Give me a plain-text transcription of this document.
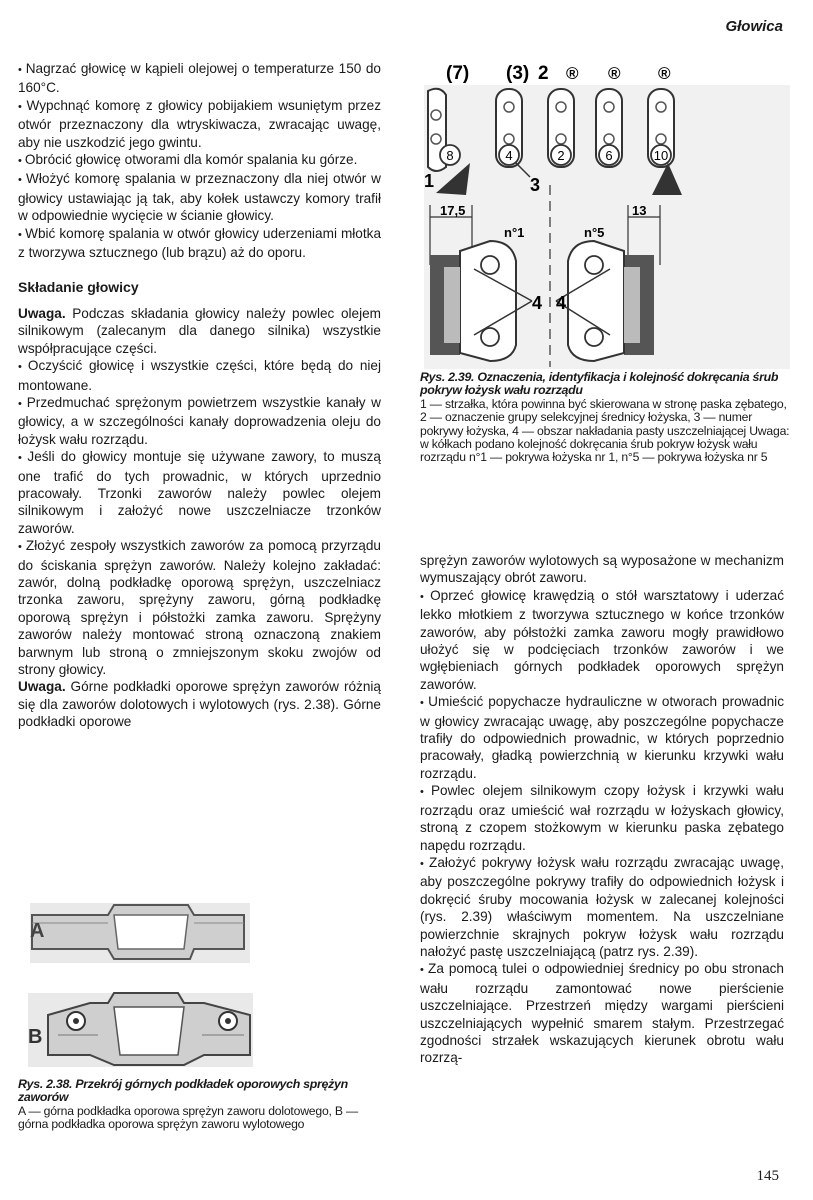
Głowica

• Nagrzać głowicę w kąpieli olejowej o temperaturze 150 do 160°C.

• Wypchnąć komorę z głowicy pobijakiem wsuniętym przez otwór przeznaczony dla wtryskiwacza, zwracając uwagę, aby nie uszkodzić jego gwintu.

• Obrócić głowicę otworami dla komór spalania ku górze.

• Włożyć komorę spalania w przeznaczony dla niej otwór w głowicy ustawiając ją tak, aby kołek ustawczy komory trafił w odpowiednie wycięcie w ścianie głowicy.

• Wbić komorę spalania w otwór głowicy uderzeniami młotka z tworzywa sztucznego (lub brązu) aż do oporu.

Składanie głowicy

Uwaga. Podczas składania głowicy należy powlec olejem silnikowym (zalecanym dla danego silnika) wszystkie współpracujące części.

• Oczyścić głowicę i wszystkie części, które będą do niej montowane.

• Przedmuchać sprężonym powietrzem wszystkie kanały w głowicy, a w szczególności kanały doprowadzenia oleju do łożysk wału rozrządu.

• Jeśli do głowicy montuje się używane zawory, to muszą one trafić do tych prowadnic, w których uprzednio pracowały. Trzonki zaworów należy powlec olejem silnikowym i założyć nowe uszczelniacze trzonków zaworów.

• Złożyć zespoły wszystkich zaworów za pomocą przyrządu do ściskania sprężyn zaworów. Należy kolejno zakładać: zawór, dolną podkładkę oporową sprężyn, uszczelniacz trzonka zaworu, sprężyny zaworu, górną podkładkę oporową sprężyn i półstożki zamka zaworu. Sprężyny zaworów należy montować stroną oznaczoną znakiem barwnym lub stroną o zmniejszonym skoku zwojów od strony głowicy.

Uwaga. Górne podkładki oporowe sprężyn zaworów różnią się dla zaworów dolotowych i wylotowych (rys. 2.38). Górne podkładki oporowe

A
B
Rys. 2.38. Przekrój górnych podkładek oporowych sprężyn zaworów
A — górna podkładka oporowa sprężyn zaworu dolotowego, B — górna podkładka oporowa sprężyn zaworu wylotowego
(7) (3) 2 ® ® ®
8	4	2	6	10
1	3
17,5	13
n°1	n°5
4 4
Rys. 2.39. Oznaczenia, identyfikacja i kolejność dokręcania śrub pokryw łożysk wału rozrządu
1 — strzałka, która powinna być skierowana w stronę paska zębatego, 2 — oznaczenie grupy selekcyjnej średnicy łożyska, 3 — numer pokrywy łożyska, 4 — obszar nakładania pasty uszczelniającej Uwaga: w kółkach podano kolejność dokręcania śrub pokryw łożysk wału rozrządu n°1 — pokrywa łożyska nr 1, n°5 — pokrywa łożyska nr 5

sprężyn zaworów wylotowych są wyposażone w mechanizm wymuszający obrót zaworu.

• Oprzeć głowicę krawędzią o stół warsztatowy i uderzać lekko młotkiem z tworzywa sztucznego w końce trzonków zaworów, aby półstożki zamka zaworu mogły prawidłowo ułożyć się w podcięciach trzonków zaworów i we wgłębieniach górnych podkładek oporowych sprężyn zaworów.

• Umieścić popychacze hydrauliczne w otworach prowadnic w głowicy zwracając uwagę, aby poszczególne popychacze trafiły do odpowiednich prowadnic, w których poprzednio pracowały, gładką powierzchnią w kierunku krzywki wału rozrządu.

• Powlec olejem silnikowym czopy łożysk i krzywki wału rozrządu oraz umieścić wał rozrządu w łożyskach głowicy, stroną z czopem stożkowym w kierunku paska zębatego napędu rozrządu.

• Założyć pokrywy łożysk wału rozrządu zwracając uwagę, aby poszczególne pokrywy trafiły do odpowiednich łożysk i dokręcić śruby mocowania łożysk w zalecanej kolejności (rys. 2.39) właściwym momentem. Na uszczelniane powierzchnie skrajnych pokryw łożysk wału rozrządu nałożyć pastę uszczelniającą (patrz rys. 2.39).

• Za pomocą tulei o odpowiedniej średnicy po obu stronach wału rozrządu zamontować nowe pierścienie uszczelniające. Przestrzeń między wargami pierścieni uszczelniających wypełnić smarem stałym. Przestrzegać zgodności strzałek wskazujących kierunek obrotu wału rozrzą-

145
